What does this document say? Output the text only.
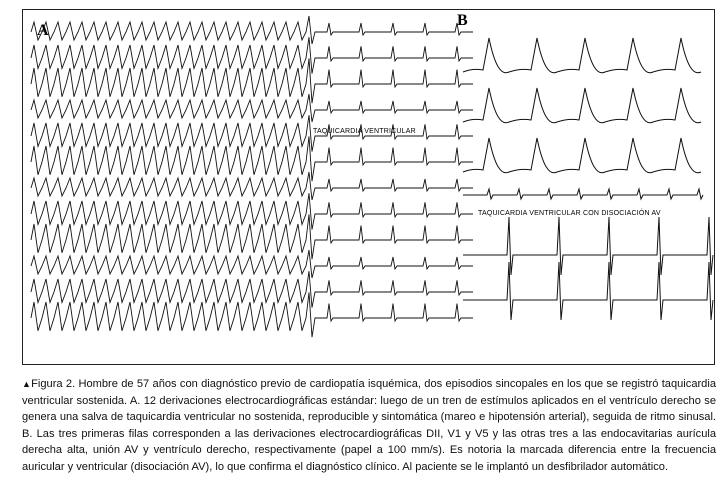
A
B
TAQUICARDIA VENTRICULAR
TAQUICARDIA VENTRICULAR CON DISOCIACIÓN AV
▲Figura 2. Hombre de 57 años con diagnóstico previo de cardiopatía isquémica, dos episodios sincopales en los que se registró taquicardia ventricular sostenida. A. 12 derivaciones electrocardiográficas estándar: luego de un tren de estímulos aplicados en el ventrículo derecho se genera una salva de taquicardia ventricular no sostenida, reproducible y sintomática (mareo e hipotensión arterial), seguida de ritmo sinusal. B. Las tres primeras filas corresponden a las derivaciones electrocardiográficas DII, V1 y V5 y las otras tres a las endocavitarias aurícula derecha alta, unión AV y ventrículo derecho, respectivamente (papel a 100 mm/s). Es notoria la marcada diferencia entre la frecuencia auricular y ventricular (disociación AV), lo que confirma el diagnóstico clínico. Al paciente se le implantó un desfibrilador automático.
